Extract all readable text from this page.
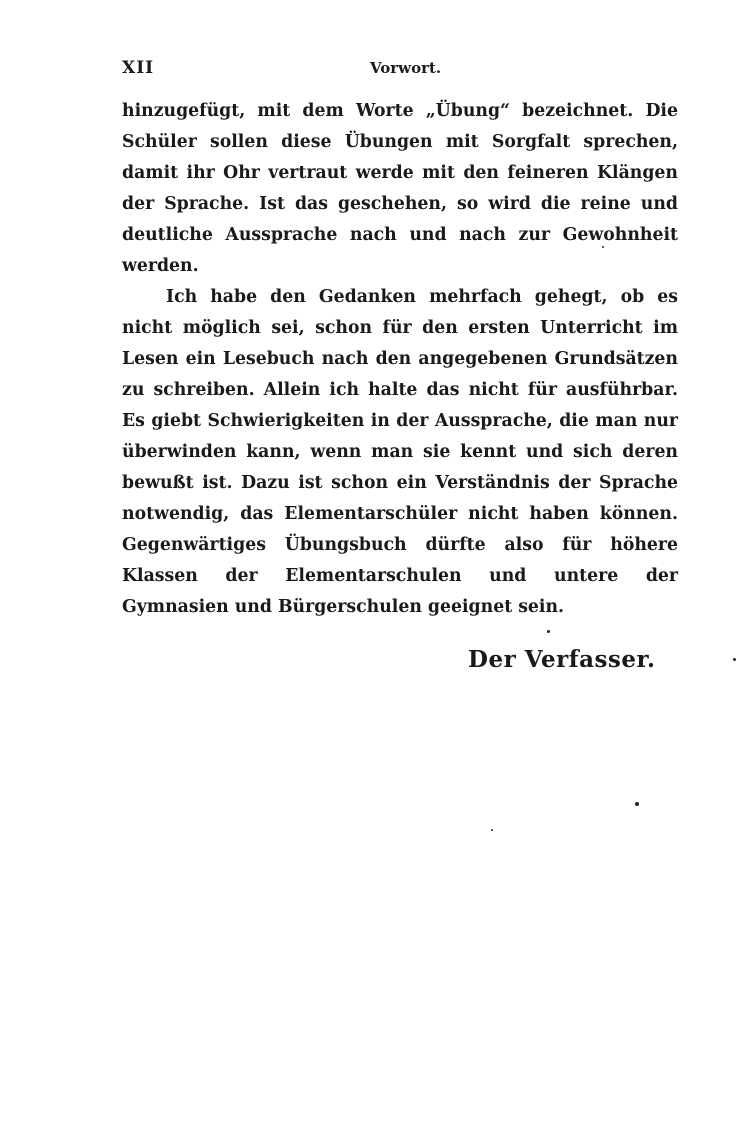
XII	Vorwort.

hinzugefügt, mit dem Worte „Übung“ bezeichnet. Die Schüler sollen diese Übungen mit Sorgfalt sprechen, damit ihr Ohr vertraut werde mit den feineren Klängen der Sprache. Ist das geschehen, so wird die reine und deutliche Aussprache nach und nach zur Gewohnheit werden.

Ich habe den Gedanken mehrfach gehegt, ob es nicht möglich sei, schon für den ersten Unterricht im Lesen ein Lesebuch nach den angegebenen Grundsätzen zu schreiben. Allein ich halte das nicht für ausführbar. Es giebt Schwierigkeiten in der Aussprache, die man nur überwinden kann, wenn man sie kennt und sich deren bewußt ist. Dazu ist schon ein Verständnis der Sprache notwendig, das Elementarschüler nicht haben können. Gegenwärtiges Übungsbuch dürfte also für höhere Klassen der Elementarschulen und untere der Gymnasien und Bürgerschulen geeignet sein.

Der Verfasser.
